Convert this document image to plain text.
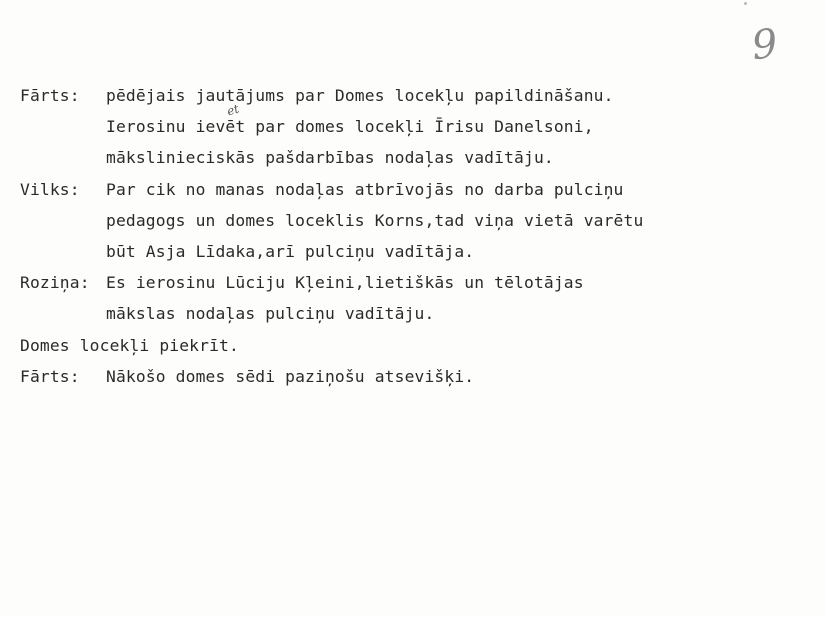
9
et

Fārts:

pēdējais jautājums par Domes locekļu papildināšanu.

Ierosinu ievēt par domes locekļi Īrisu Danelsoni,

mākslinieciskās pašdarbības nodaļas vadītāju.

Vilks:

Par cik no manas nodaļas atbrīvojās no darba pulciņu

pedagogs un domes loceklis Korns,tad viņa vietā varētu

būt Asja Līdaka,arī pulciņu vadītāja.

Roziņa:

Es ierosinu Lūciju Kļeini,lietiškās un tēlotājas

mākslas nodaļas pulciņu vadītāju.

Domes locekļi piekrīt.

Fārts:

Nākošo domes sēdi paziņošu atsevišķi.
